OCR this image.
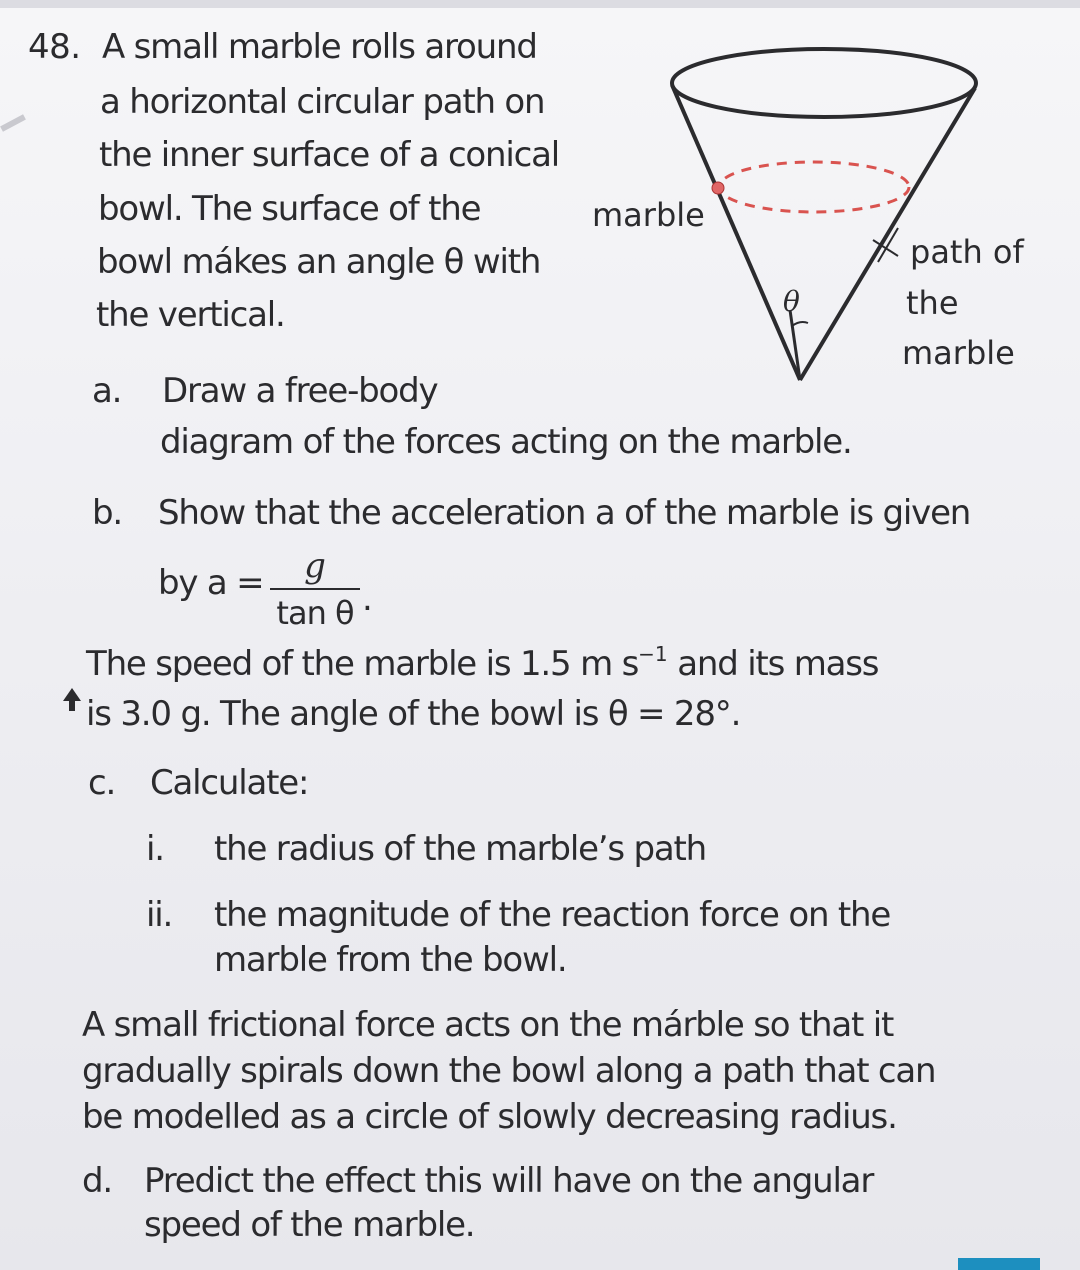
48. A small marble rolls around
a horizontal circular path on
the inner surface of a conical
bowl. The surface of the
bowl mákes an angle θ with
the vertical.	θ
marble
path of
the
marble
a. Draw a free-body
diagram of the forces acting on the marble.
b. Show that the acceleration a of the marble is given
by a =	g
tan θ .
The speed of the marble is 1.5 m $s^{-1}$ and its mass
is 3.0 g. The angle of the bowl is θ = 28°.
c. Calculate:
i. the radius of the marble’s path
ii. the magnitude of the reaction force on the
marble from the bowl.
A small frictional force acts on the márble so that it
gradually spirals down the bowl along a path that can
be modelled as a circle of slowly decreasing radius.
d. Predict the effect this will have on the angular
speed of the marble.
